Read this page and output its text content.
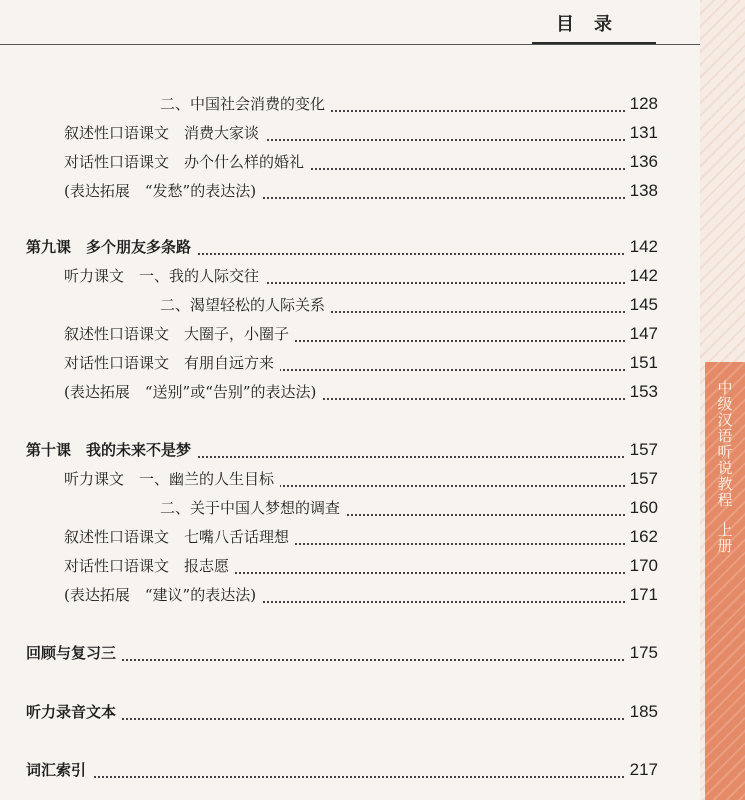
中级汉语听说教程
上册
目录
二、中国社会消费的变化	128
叙述性口语课文　消费大家谈	131
对话性口语课文　办个什么样的婚礼	136
(表达拓展　“发愁”的表达法)	138
第九课　多个朋友多条路	142
听力课文　一、我的人际交往	142
二、渴望轻松的人际关系	145
叙述性口语课文　大圈子，小圈子	147
对话性口语课文　有朋自远方来	151
(表达拓展　“送别”或“告别”的表达法)	153
第十课　我的未来不是梦	157
听力课文　一、幽兰的人生目标	157
二、关于中国人梦想的调查	160
叙述性口语课文　七嘴八舌话理想	162
对话性口语课文　报志愿	170
(表达拓展　“建议”的表达法)	171
回顾与复习三	175
听力录音文本	185
词汇索引	217
